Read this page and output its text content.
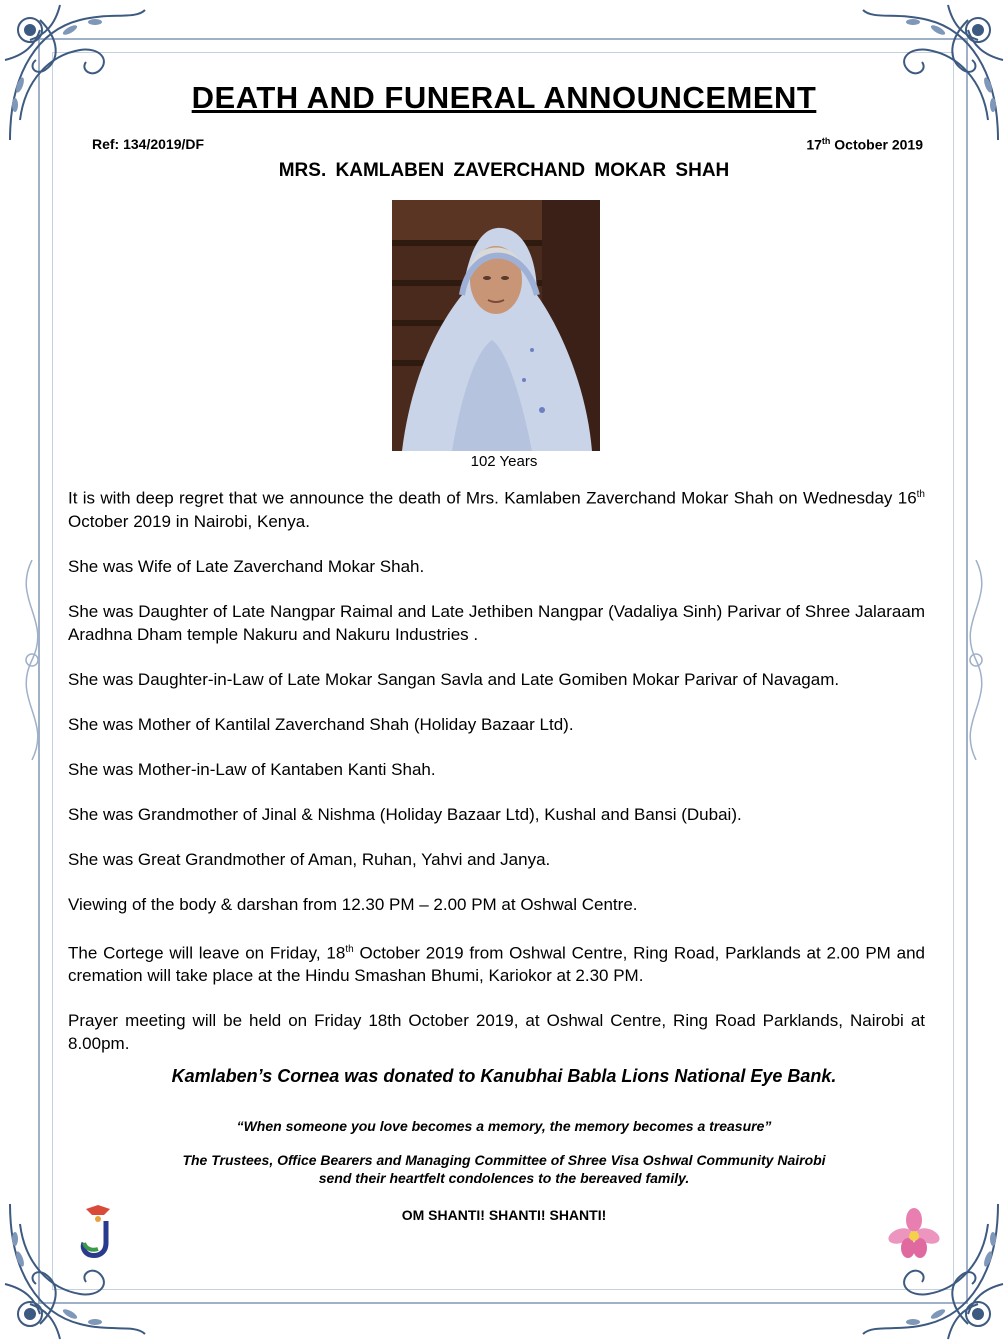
DEATH AND FUNERAL ANNOUNCEMENT
Ref: 134/2019/DF	17th October 2019
MRS. KAMLABEN ZAVERCHAND MOKAR SHAH
102 Years

It is with deep regret that we announce the death of Mrs. Kamlaben Zaverchand Mokar Shah on Wednesday 16th October 2019 in Nairobi, Kenya.

She was Wife of Late Zaverchand Mokar Shah.

She was Daughter of Late Nangpar Raimal and Late Jethiben Nangpar (Vadaliya Sinh) Parivar of Shree Jalaraam Aradhna Dham temple Nakuru and Nakuru Industries .

She was Daughter-in-Law of Late Mokar Sangan Savla and Late Gomiben Mokar Parivar of Navagam.

She was Mother of Kantilal Zaverchand Shah (Holiday Bazaar Ltd).

She was Mother-in-Law of Kantaben Kanti Shah.

She was Grandmother of Jinal & Nishma (Holiday Bazaar Ltd), Kushal and Bansi (Dubai).

She was Great Grandmother of Aman, Ruhan, Yahvi and Janya.

Viewing of the body & darshan from 12.30 PM – 2.00 PM at Oshwal Centre.

The Cortege will leave on Friday, 18th October 2019 from Oshwal Centre, Ring Road, Parklands at 2.00 PM and cremation will take place at the Hindu Smashan Bhumi, Kariokor at 2.30 PM.

Prayer meeting will be held on Friday 18th October 2019, at Oshwal Centre, Ring Road Parklands, Nairobi at 8.00pm.

Kamlaben’s Cornea was donated to Kanubhai Babla Lions National Eye Bank.
“When someone you love becomes a memory, the memory becomes a treasure”
The Trustees, Office Bearers and Managing Committee of Shree Visa Oshwal Community Nairobi
send their heartfelt condolences to the bereaved family.
OM SHANTI! SHANTI! SHANTI!
